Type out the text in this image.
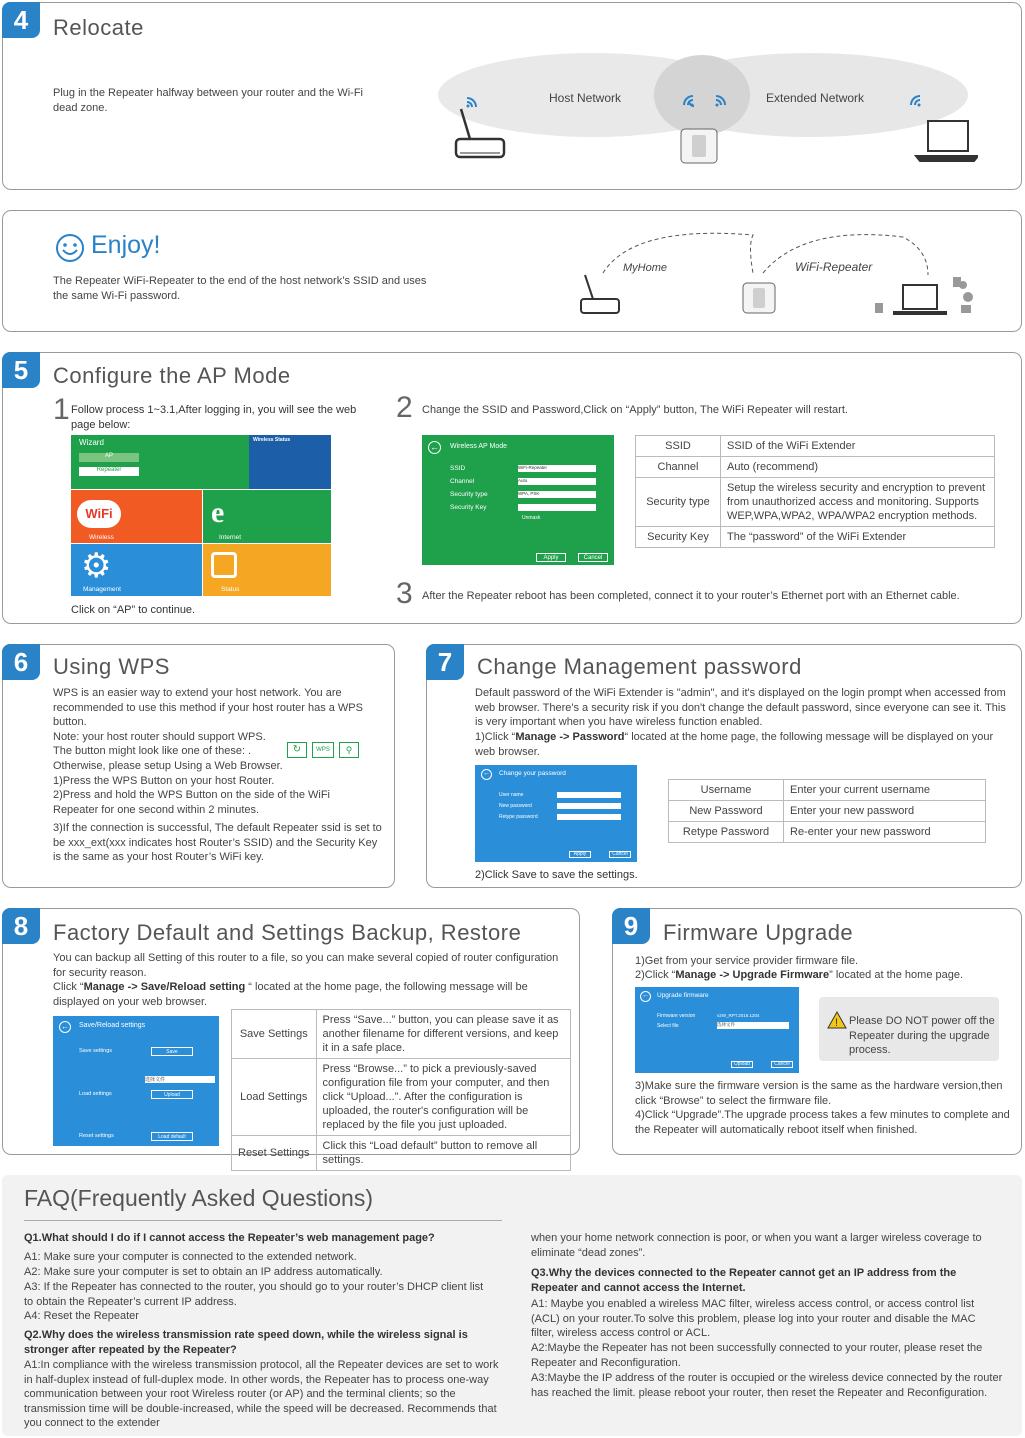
4	Relocate
Plug in the Repeater halfway between your router and the Wi-Fi dead zone.
Host Network	Extended Network
Enjoy!
The Repeater WiFi-Repeater to the end of the host network’s SSID and uses the same Wi-Fi password.
MyHome	WiFi-Repeater
5	Configure the AP Mode
1 Follow process 1~3.1,After logging in, you will see the web page below:
Wizard
AP
Repeater
Wireless Status
WiFi
Wireless
e
Internet
⚙
Management	Status
Click on “AP” to continue.
2 Change the SSID and Password,Click on “Apply” button, The WiFi Repeater will restart.
← Wireless AP Mode
SSID
Channel
Security type
Security Key
WiFi-Repeater
Auto
WPA, PSK
Unmask
Apply	Cancel
SSID	SSID of the WiFi Extender
Channel	Auto (recommend)
Security type	Setup the wireless security and encryption to prevent from unauthorized access and monitoring. Supports WEP,WPA,WPA2, WPA/WPA2 encryption methods.
Security Key	The “password” of the WiFi Extender
3 After the Repeater reboot has been completed, connect it to your router’s Ethernet port with an Ethernet cable.
6	Using WPS
WPS is an easier way to extend your host network. You are recommended to use this method if your host router has a WPS button.
Note: your host router should support WPS.
The button might look like one of these: .	↻	WPS	⚲
Otherwise, please setup Using a Web Browser.
1)Press the WPS Button on your host Router.
2)Press and hold the WPS Button on the side of the WiFi Repeater for one second within 2 minutes.
3)If the connection is successful, The default Repeater ssid is set to be xxx_ext(xxx indicates host Router’s SSID) and the Security Key is the same as your host Router’s WiFi key.
7	Change Management password
Default password of the WiFi Extender is "admin", and it's displayed on the login prompt when accessed from web browser. There's a security risk if you don't change the default password, since everyone can see it. This is very important when you have wireless function enabled.
1)Click “Manage -> Password“ located at the home page, the following message will be displayed on your web browser.
←	Change your password
User name
New password
Retype password
Apply	Cancel
Username	Enter your current username
New Password	Enter your new password
Retype Password	Re-enter your new password
2)Click Save to save the settings.
8	Factory Default and Settings Backup, Restore
You can backup all Setting of this router to a file, so you can make several copied of router configuration for security reason.
Click “Manage -> Save/Reload setting “ located at the home page, the following message will be displayed on your web browser.
← Save/Reload settings
Save settings	Save
选择文件
Load settings	Upload
Reset settings	Load default
Save Settings	Press “Save...” button, you can please save it as another filename for different versions, and keep it in a safe place.
Load Settings	Press “Browse...” to pick a previously-saved configuration file from your computer, and then click “Upload...”. After the configuration is uploaded, the router's configuration will be replaced by the file you just uploaded.
Reset Settings	Click this “Load default” button to remove all settings.
9	Firmware Upgrade
1)Get from your service provider firmware file.
2)Click “Manage -> Upgrade Firmware” located at the home page.
←	Upgrade firmware
Firmware version	v2W_RPT.2016.1204
Select file	选择文件
Upload	Cancel
! Please DO NOT power off the Repeater during the upgrade process.
3)Make sure the firmware version is the same as the hardware version,then click “Browse” to select the firmware file.
4)Click “Upgrade”.The upgrade process takes a few minutes to complete and the Repeater will automatically reboot itself when finished.
FAQ(Frequently Asked Questions)
Q1.What should I do if I cannot access the Repeater’s web management page?
A1: Make sure your computer is connected to the extended network.
A2: Make sure your computer is set to obtain an IP address automatically.
A3: If the Repeater has connected to the router, you should go to your router’s DHCP client list to obtain the Repeater’s current IP address.
A4: Reset the Repeater
Q2.Why does the wireless transmission rate speed down, while the wireless signal is stronger after repeated by the Repeater?
A1:In compliance with the wireless transmission protocol, all the Repeater devices are set to work in half-duplex instead of full-duplex mode. In other words, the Repeater has to process one-way communication between your root Wireless router (or AP) and the terminal clients; so the transmission time will be double-increased, while the speed will be decreased. Recommends that you connect to the extender
when your home network connection is poor, or when you want a larger wireless coverage to eliminate “dead zones”.
Q3.Why the devices connected to the Repeater cannot get an IP address from the Repeater and cannot access the Internet.
A1: Maybe you enabled a wireless MAC filter, wireless access control, or access control list (ACL) on your router.To solve this problem, please log into your router and disable the MAC filter, wireless access control or ACL.
A2:Maybe the Repeater has not been successfully connected to your router, please reset the Repeater and Reconfiguration.
A3:Maybe the IP address of the router is occupied or the wireless device connected by the router has reached the limit. please reboot your router, then reset the Repeater and Reconfiguration.
